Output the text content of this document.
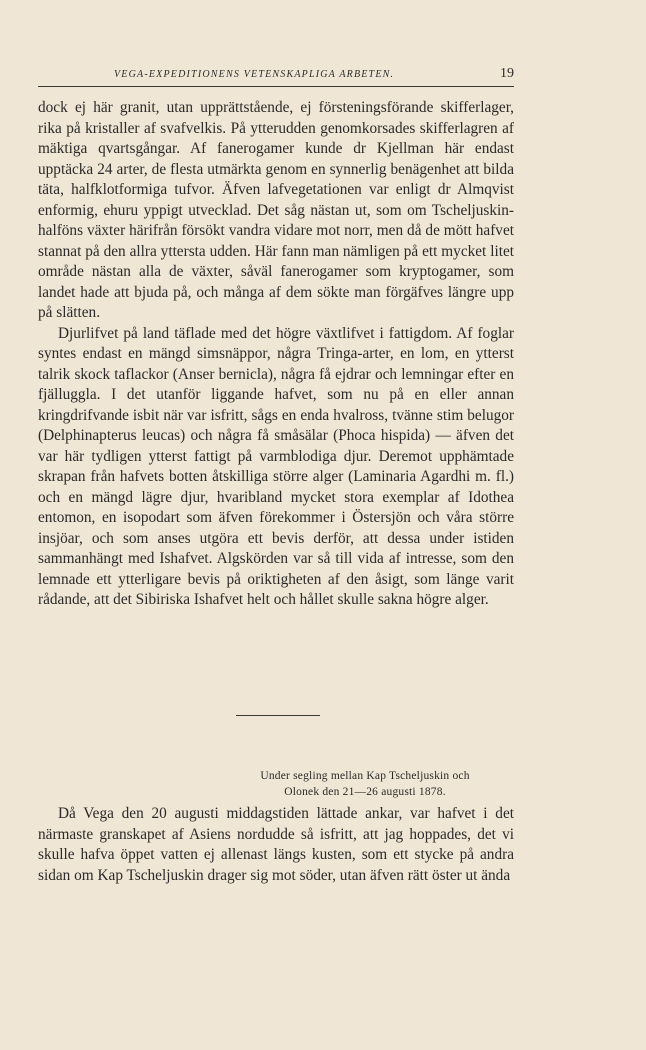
VEGA-EXPEDITIONENS VETENSKAPLIGA ARBETEN.	19

dock ej här granit, utan upprättstående, ej försteningsförande skifferlager, rika på kristaller af svafvelkis. På ytterudden genomkorsades skifferlagren af mäktiga qvartsgångar. Af fanerogamer kunde dr Kjellman här endast upptäcka 24 arter, de flesta utmärkta genom en synnerlig benägenhet att bilda täta, halfklotformiga tufvor. Äfven lafvegetationen var enligt dr Almqvist enformig, ehuru yppigt utvecklad. Det såg nästan ut, som om Tscheljuskin-halföns växter härifrån försökt vandra vidare mot norr, men då de mött hafvet stannat på den allra yttersta udden. Här fann man nämligen på ett mycket litet område nästan alla de växter, såväl fanerogamer som kryptogamer, som landet hade att bjuda på, och många af dem sökte man förgäfves längre upp på slätten.

Djurlifvet på land täflade med det högre växtlifvet i fattigdom. Af foglar syntes endast en mängd simsnäppor, några Tringa-arter, en lom, en ytterst talrik skock taflackor (Anser bernicla), några få ejdrar och lemningar efter en fjälluggla. I det utanför liggande hafvet, som nu på en eller annan kringdrifvande isbit när var isfritt, sågs en enda hvalross, tvänne stim belugor (Delphinapterus leucas) och några få småsälar (Phoca hispida) — äfven det var här tydligen ytterst fattigt på varmblodiga djur. Deremot upphämtade skrapan från hafvets botten åtskilliga större alger (Laminaria Agardhi m. fl.) och en mängd lägre djur, hvaribland mycket stora exemplar af Idothea entomon, en isopodart som äfven förekommer i Östersjön och våra större insjöar, och som anses utgöra ett bevis derför, att dessa under istiden sammanhängt med Ishafvet. Algskörden var så till vida af intresse, som den lemnade ett ytterligare bevis på oriktigheten af den åsigt, som länge varit rådande, att det Sibiriska Ishafvet helt och hållet skulle sakna högre alger.

Under segling mellan Kap Tscheljuskin och
Olonek den 21—26 augusti 1878.

Då Vega den 20 augusti middagstiden lättade ankar, var hafvet i det närmaste granskapet af Asiens nordudde så isfritt, att jag hoppades, det vi skulle hafva öppet vatten ej allenast längs kusten, som ett stycke på andra sidan om Kap Tscheljuskin drager sig mot söder, utan äfven rätt öster ut ända
